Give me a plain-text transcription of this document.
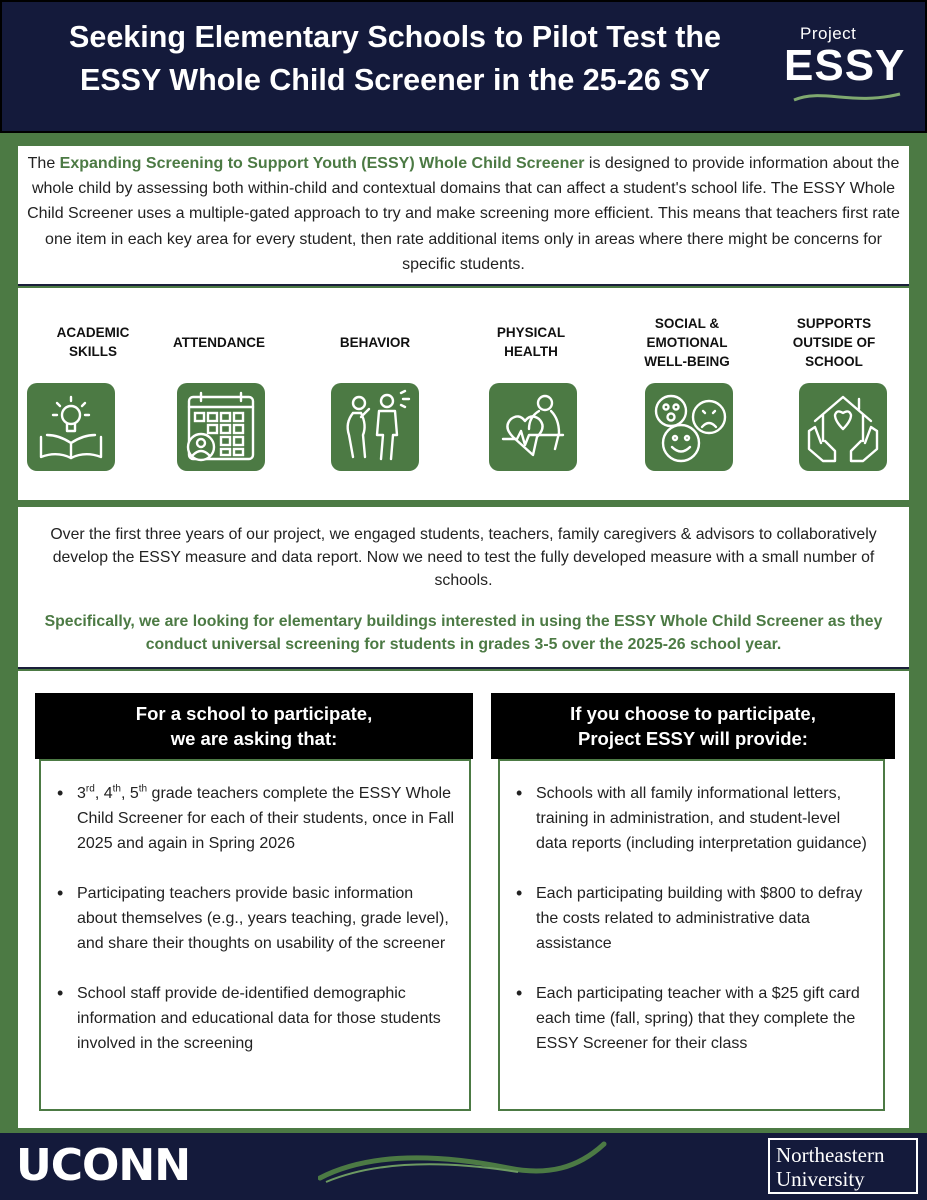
Seeking Elementary Schools to Pilot Test the
ESSY Whole Child Screener in the 25-26 SY
Project
ESSY

The Expanding Screening to Support Youth (ESSY) Whole Child Screener is designed to provide information about the whole child by assessing both within-child and contextual domains that can affect a student's school life. The ESSY Whole Child Screener uses a multiple-gated approach to try and make screening more efficient. This means that teachers first rate one item in each key area for every student, then rate additional items only in areas where there might be concerns for specific students.

ACADEMIC
SKILLS
ATTENDANCE	BEHAVIOR
PHYSICAL
HEALTH
SOCIAL &
EMOTIONAL
WELL-BEING
SUPPORTS
OUTSIDE OF
SCHOOL

Over the first three years of our project, we engaged students, teachers, family caregivers & advisors to collaboratively develop the ESSY measure and data report. Now we need to test the fully developed measure with a small number of schools.

Specifically, we are looking for elementary buildings interested in using the ESSY Whole Child Screener as they conduct universal screening for students in grades 3-5 over the 2025-26 school year.

For a school to participate,
we are asking that:
• 3rd, 4th, 5th grade teachers complete the ESSY Whole Child Screener for each of their students, once in Fall 2025 and again in Spring 2026
• Participating teachers provide basic information about themselves (e.g., years teaching, grade level), and share their thoughts on usability of the screener
• School staff provide de-identified demographic information and educational data for those students involved in the screening
If you choose to participate,
Project ESSY will provide:
• Schools with all family informational letters, training in administration, and student-level data reports (including interpretation guidance)
• Each participating building with $800 to defray the costs related to administrative data assistance
• Each participating teacher with a $25 gift card each time (fall, spring) that they complete the ESSY Screener for their class
UCONN	Northeastern
University
